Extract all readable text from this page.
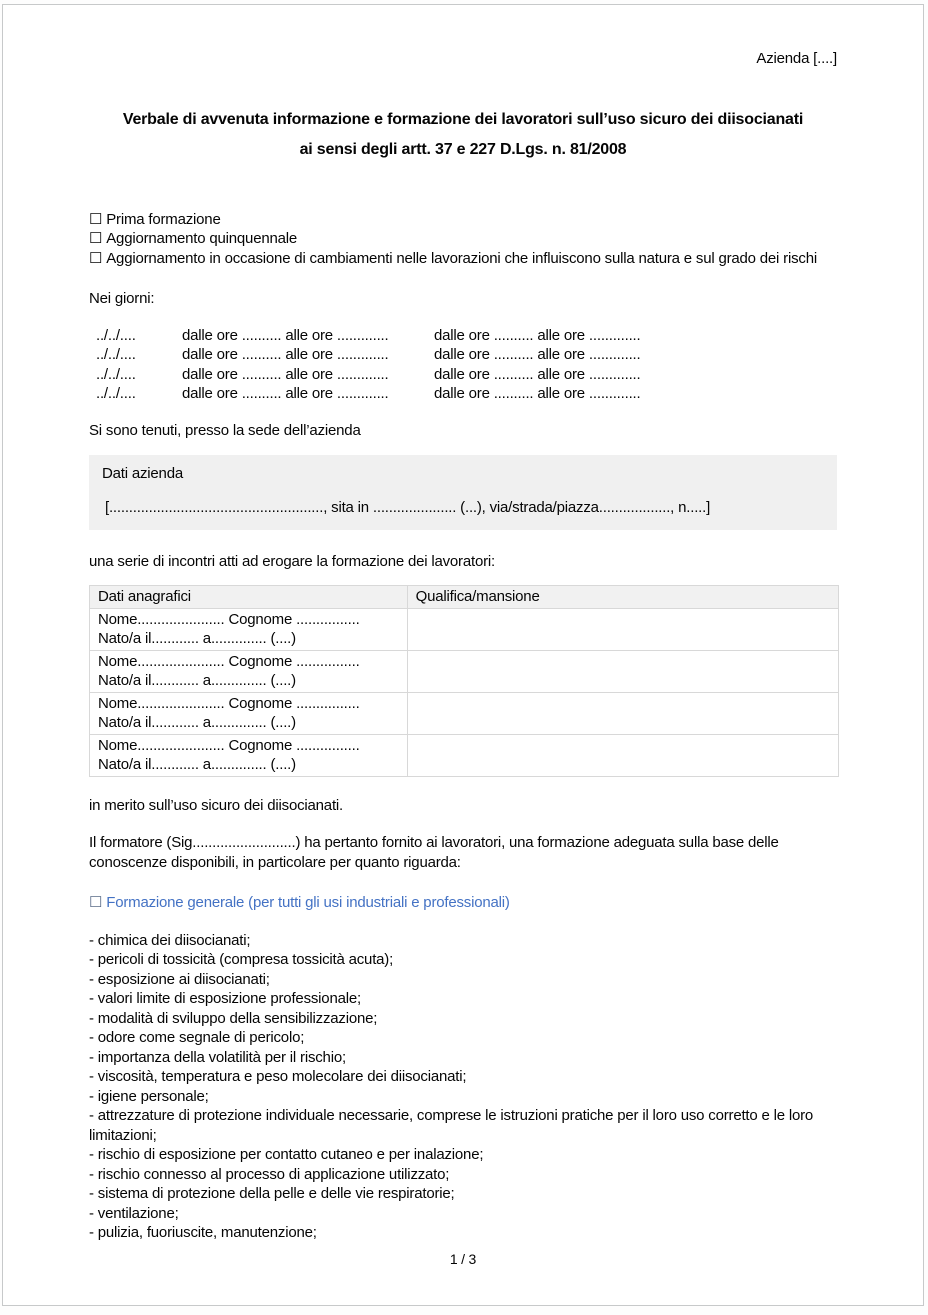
Azienda [....]
Verbale di avvenuta informazione e formazione dei lavoratori sull’uso sicuro dei diisocianati
ai sensi degli artt. 37 e 227 D.Lgs. n. 81/2008
☐ Prima formazione
☐ Aggiornamento quinquennale
☐ Aggiornamento in occasione di cambiamenti nelle lavorazioni che influiscono sulla natura e sul grado dei rischi
Nei giorni:
../../....	dalle ore .......... alle ore .............	dalle ore .......... alle ore .............
../../....	dalle ore .......... alle ore .............	dalle ore .......... alle ore .............
../../....	dalle ore .......... alle ore .............	dalle ore .......... alle ore .............
../../....	dalle ore .......... alle ore .............	dalle ore .......... alle ore .............
Si sono tenuti, presso la sede dell’azienda
Dati azienda
[......................................................, sita in ..................... (...), via/strada/piazza.................., n.....]
una serie di incontri atti ad erogare la formazione dei lavoratori:
Dati anagrafici	Qualifica/mansione

Nome...................... Cognome ................
Nato/a il............ a.............. (....)	

Nome...................... Cognome ................
Nato/a il............ a.............. (....)	

Nome...................... Cognome ................
Nato/a il............ a.............. (....)	

Nome...................... Cognome ................
Nato/a il............ a.............. (....)	

in merito sull’uso sicuro dei diisocianati.
Il formatore (Sig..........................) ha pertanto fornito ai lavoratori, una formazione adeguata sulla base delle conoscenze disponibili, in particolare per quanto riguarda:
☐ Formazione generale (per tutti gli usi industriali e professionali)
- chimica dei diisocianati;
- pericoli di tossicità (compresa tossicità acuta);
- esposizione ai diisocianati;
- valori limite di esposizione professionale;
- modalità di sviluppo della sensibilizzazione;
- odore come segnale di pericolo;
- importanza della volatilità per il rischio;
- viscosità, temperatura e peso molecolare dei diisocianati;
- igiene personale;
- attrezzature di protezione individuale necessarie, comprese le istruzioni pratiche per il loro uso corretto e le loro limitazioni;
- rischio di esposizione per contatto cutaneo e per inalazione;
- rischio connesso al processo di applicazione utilizzato;
- sistema di protezione della pelle e delle vie respiratorie;
- ventilazione;
- pulizia, fuoriuscite, manutenzione;
1 / 3
